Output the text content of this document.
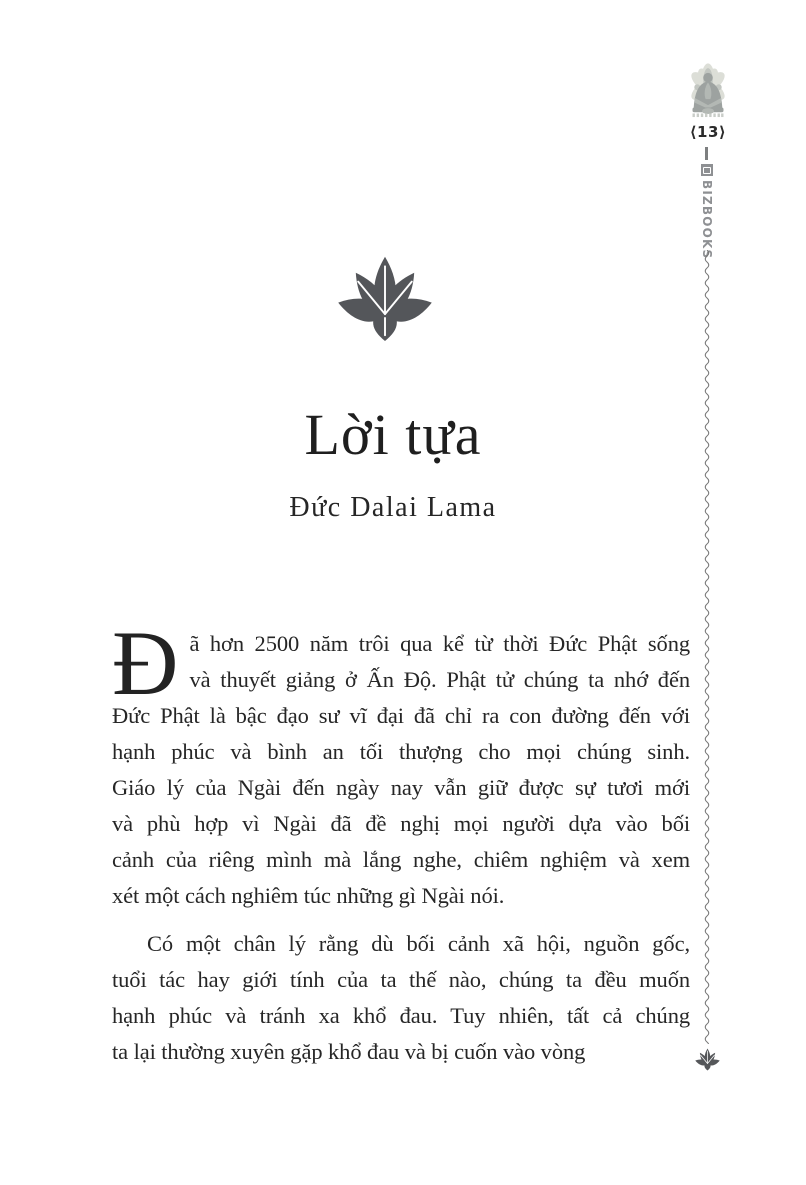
Lời tựa
Đức Dalai Lama
Đ ã hơn 2500 năm trôi qua kể từ thời Đức Phật sống
và thuyết giảng ở Ấn Độ. Phật tử chúng ta nhớ đến
Đức Phật là bậc đạo sư vĩ đại đã chỉ ra con đường đến với
hạnh phúc và bình an tối thượng cho mọi chúng sinh.
Giáo lý của Ngài đến ngày nay vẫn giữ được sự tươi mới
và phù hợp vì Ngài đã đề nghị mọi người dựa vào bối
cảnh của riêng mình mà lắng nghe, chiêm nghiệm và xem
xét một cách nghiêm túc những gì Ngài nói.
Có một chân lý rằng dù bối cảnh xã hội, nguồn gốc,
tuổi tác hay giới tính của ta thế nào, chúng ta đều muốn
hạnh phúc và tránh xa khổ đau. Tuy nhiên, tất cả chúng
ta lại thường xuyên gặp khổ đau và bị cuốn vào vòng
⟨13⟩
BIZBOOKS
